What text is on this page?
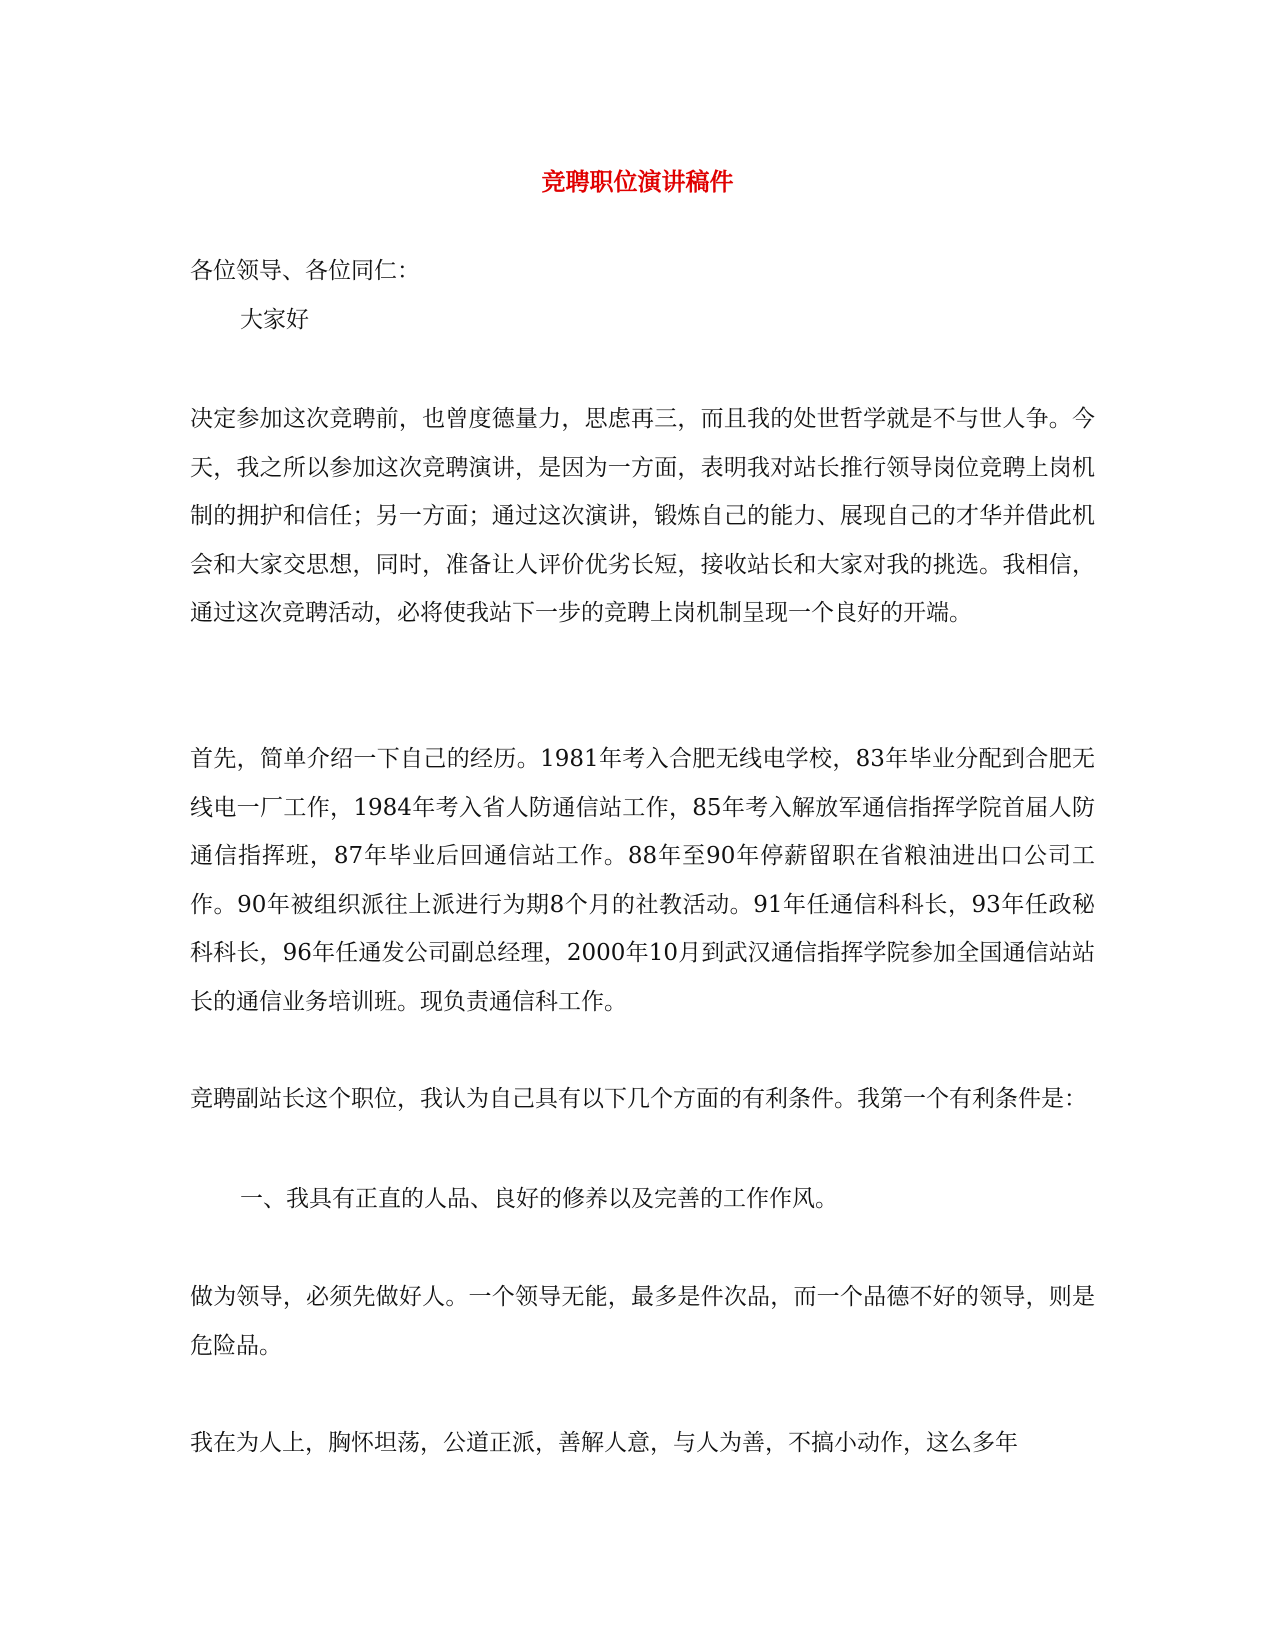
竞聘职位演讲稿件

各位领导、各位同仁：

大家好

决定参加这次竞聘前，也曾度德量力，思虑再三，而且我的处世哲学就是不与世人争。今天，我之所以参加这次竞聘演讲，是因为一方面，表明我对站长推行领导岗位竞聘上岗机制的拥护和信任；另一方面；通过这次演讲，锻炼自己的能力、展现自己的才华并借此机会和大家交思想，同时，准备让人评价优劣长短，接收站长和大家对我的挑选。我相信，通过这次竞聘活动，必将使我站下一步的竞聘上岗机制呈现一个良好的开端。

首先，简单介绍一下自己的经历。1981年考入合肥无线电学校，83年毕业分配到合肥无线电一厂工作，1984年考入省人防通信站工作，85年考入解放军通信指挥学院首届人防通信指挥班，87年毕业后回通信站工作。88年至90年停薪留职在省粮油进出口公司工作。90年被组织派往上派进行为期8个月的社教活动。91年任通信科科长，93年任政秘科科长，96年任通发公司副总经理，2000年10月到武汉通信指挥学院参加全国通信站站长的通信业务培训班。现负责通信科工作。

竞聘副站长这个职位，我认为自己具有以下几个方面的有利条件。我第一个有利条件是：

一、我具有正直的人品、良好的修养以及完善的工作作风。

做为领导，必须先做好人。一个领导无能，最多是件次品，而一个品德不好的领导，则是危险品。

我在为人上，胸怀坦荡，公道正派，善解人意，与人为善，不搞小动作，这么多年
